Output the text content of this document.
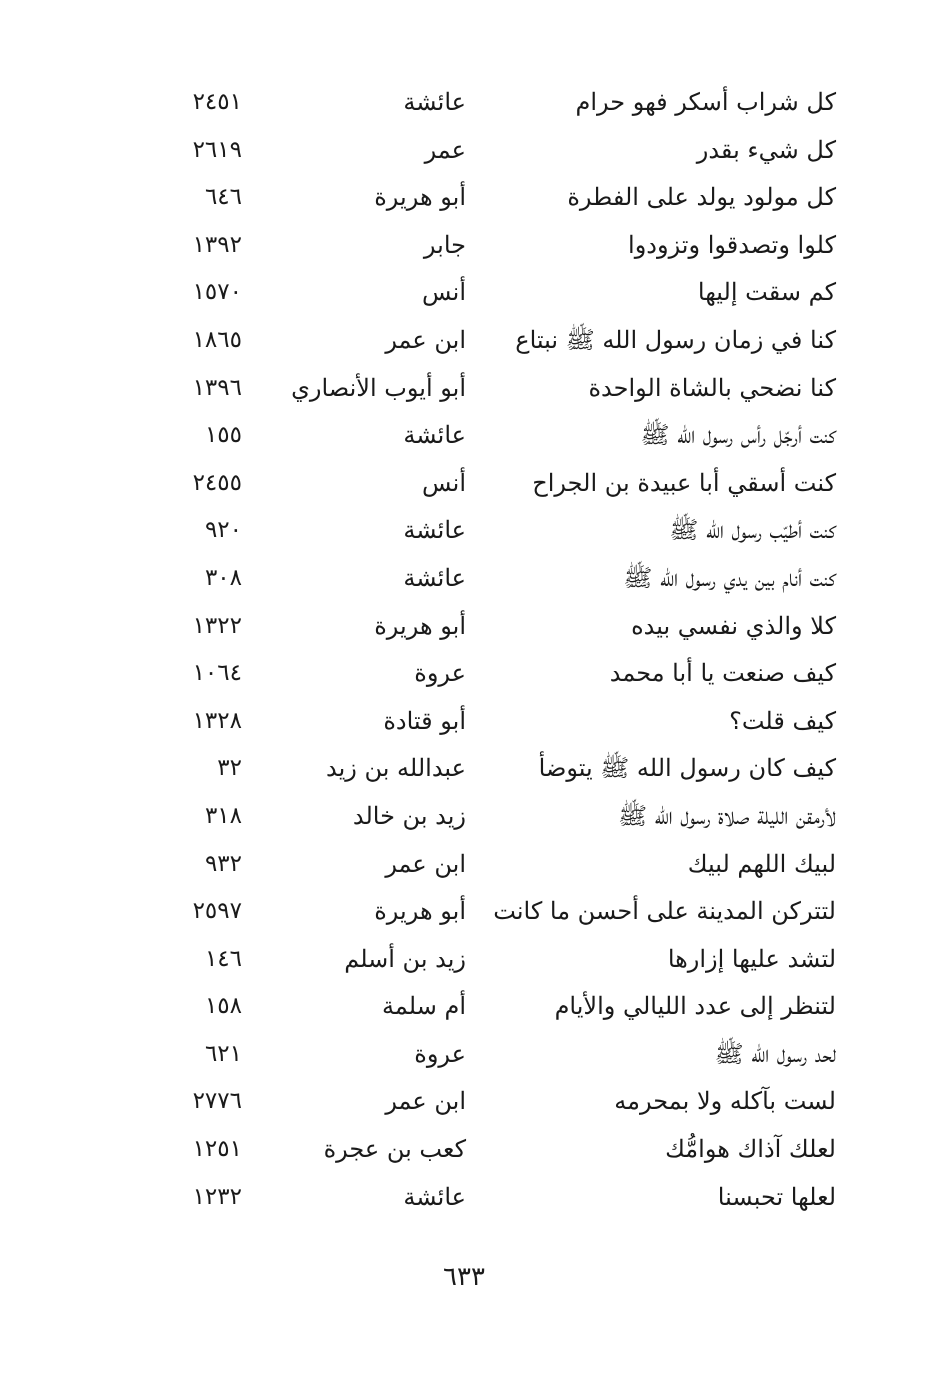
كل شراب أسكر فهو حرام
عائشة
٢٤٥١
كل شيء بقدر
عمر
٢٦١٩
كل مولود يولد على الفطرة
أبو هريرة
٦٤٦
كلوا وتصدقوا وتزودوا
جابر
١٣٩٢
كم سقت إليها
أنس
١٥٧٠
كنا في زمان رسول الله ﷺ نبتاع
ابن عمر
١٨٦٥
كنا نضحي بالشاة الواحدة
أبو أيوب الأنصاري
١٣٩٦
كنت أرجّل رأس رسول الله ﷺ
عائشة
١٥٥
كنت أسقي أبا عبيدة بن الجراح
أنس
٢٤٥٥
كنت أطيّب رسول الله ﷺ
عائشة
٩٢٠
كنت أنام بين يدي رسول الله ﷺ
عائشة
٣٠٨
كلا والذي نفسي بيده
أبو هريرة
١٣٢٢
كيف صنعت يا أبا محمد
عروة
١٠٦٤
كيف قلت؟
أبو قتادة
١٣٢٨
كيف كان رسول الله ﷺ يتوضأ
عبدالله بن زيد
٣٢
لأرمقن الليلة صلاة رسول الله ﷺ
زيد بن خالد
٣١٨
لبيك اللهم لبيك
ابن عمر
٩٣٢
لتتركن المدينة على أحسن ما كانت
أبو هريرة
٢٥٩٧
لتشد عليها إزارها
زيد بن أسلم
١٤٦
لتنظر إلى عدد الليالي والأيام
أم سلمة
١٥٨
لحد رسول الله ﷺ
عروة
٦٢١
لست بآكله ولا بمحرمه
ابن عمر
٢٧٧٦
لعلك آذاك هوامُّك
كعب بن عجرة
١٢٥١
لعلها تحبسنا
عائشة
١٢٣٢
٦٣٣
